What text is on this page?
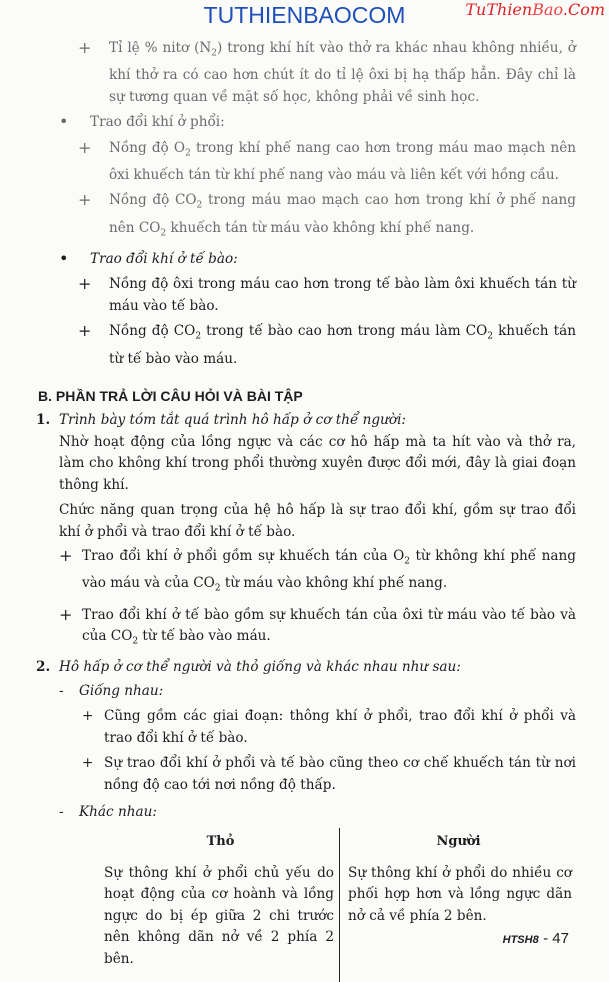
TUTHIENBAOCOM	TuThienBao.Com
+ Tỉ lệ % nitơ $(N_2)$ trong khí hít vào thở ra khác nhau không nhiều, ở khí thở ra có cao hơn chút ít do tỉ lệ ôxi bị hạ thấp hẳn. Đây chỉ là sự tương quan về mặt số học, không phải về sinh học.

• Trao đổi khí ở phổi:

+ Nồng độ $O_2$ trong khí phế nang cao hơn trong máu mao mạch nên ôxi khuếch tán từ khí phế nang vào máu và liên kết với hồng cầu.

+ Nồng độ $CO_2$ trong máu mao mạch cao hơn trong khí ở phế nang nên $CO_2$ khuếch tán từ máu vào không khí phế nang.

• Trao đổi khí ở tế bào:

+ Nồng độ ôxi trong máu cao hơn trong tế bào làm ôxi khuếch tán từ máu vào tế bào.

+ Nồng độ $CO_2$ trong tế bào cao hơn trong máu làm $CO_2$ khuếch tán từ tế bào vào máu.

B. PHẦN TRẢ LỜI CÂU HỎI VÀ BÀI TẬP
1. Trình bày tóm tắt quá trình hô hấp ở cơ thể người:

Nhờ hoạt động của lồng ngực và các cơ hô hấp mà ta hít vào và thở ra, làm cho không khí trong phổi thường xuyên được đổi mới, đây là giai đoạn thông khí.

Chức năng quan trọng của hệ hô hấp là sự trao đổi khí, gồm sự trao đổi khí ở phổi và trao đổi khí ở tế bào.

+ Trao đổi khí ở phổi gồm sự khuếch tán của $O_2$ từ không khí phế nang vào máu và của $CO_2$ từ máu vào không khí phế nang.

+ Trao đổi khí ở tế bào gồm sự khuếch tán của ôxi từ máu vào tế bào và của $CO_2$ từ tế bào vào máu.

2. Hô hấp ở cơ thể người và thỏ giống và khác nhau như sau:
- Giống nhau:
+ Cũng gồm các giai đoạn: thông khí ở phổi, trao đổi khí ở phổi và trao đổi khí ở tế bào.
+ Sự trao đổi khí ở phổi và tế bào cũng theo cơ chế khuếch tán từ nơi nồng độ cao tới nơi nồng độ thấp.
- Khác nhau:
Thỏ	Người
Sự thông khí ở phổi chủ yếu do hoạt động của cơ hoành và lồng ngực do bị ép giữa 2 chi trước nên không dãn nở về 2 phía 2 bên.	Sự thông khí ở phổi do nhiều cơ phối hợp hơn và lồng ngực dãn nở cả về phía 2 bên.
HTSH8 - 47
